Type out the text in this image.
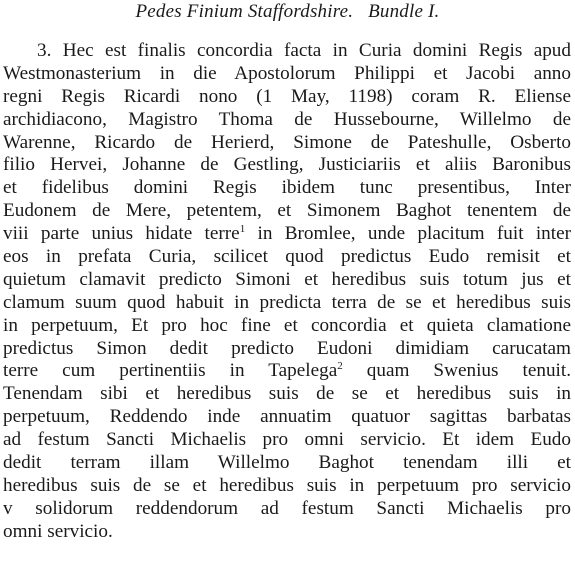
Pedes Finium Staffordshire. Bundle I.
3. Hec est finalis concordia facta in Curia domini Regis apud
Westmonasterium in die Apostolorum Philippi et Jacobi anno
regni Regis Ricardi nono (1 May, 1198) coram R. Eliense
archidiacono, Magistro Thoma de Hussebourne, Willelmo de
Warenne, Ricardo de Herierd, Simone de Pateshulle, Osberto
filio Hervei, Johanne de Gestling, Justiciariis et aliis Baronibus
et fidelibus domini Regis ibidem tunc presentibus, Inter
Eudonem de Mere, petentem, et Simonem Baghot tenentem de
viii parte unius hidate terre$^1$ in Bromlee, unde placitum fuit inter
eos in prefata Curia, scilicet quod predictus Eudo remisit et
quietum clamavit predicto Simoni et heredibus suis totum jus et
clamum suum quod habuit in predicta terra de se et heredibus suis
in perpetuum, Et pro hoc fine et concordia et quieta clamatione
predictus Simon dedit predicto Eudoni dimidiam carucatam
terre cum pertinentiis in Tapelega$^2$ quam Swenius tenuit.
Tenendam sibi et heredibus suis de se et heredibus suis in
perpetuum, Reddendo inde annuatim quatuor sagittas barbatas
ad festum Sancti Michaelis pro omni servicio. Et idem Eudo
dedit terram illam Willelmo Baghot tenendam illi et
heredibus suis de se et heredibus suis in perpetuum pro servicio
v solidorum reddendorum ad festum Sancti Michaelis pro
omni servicio.
